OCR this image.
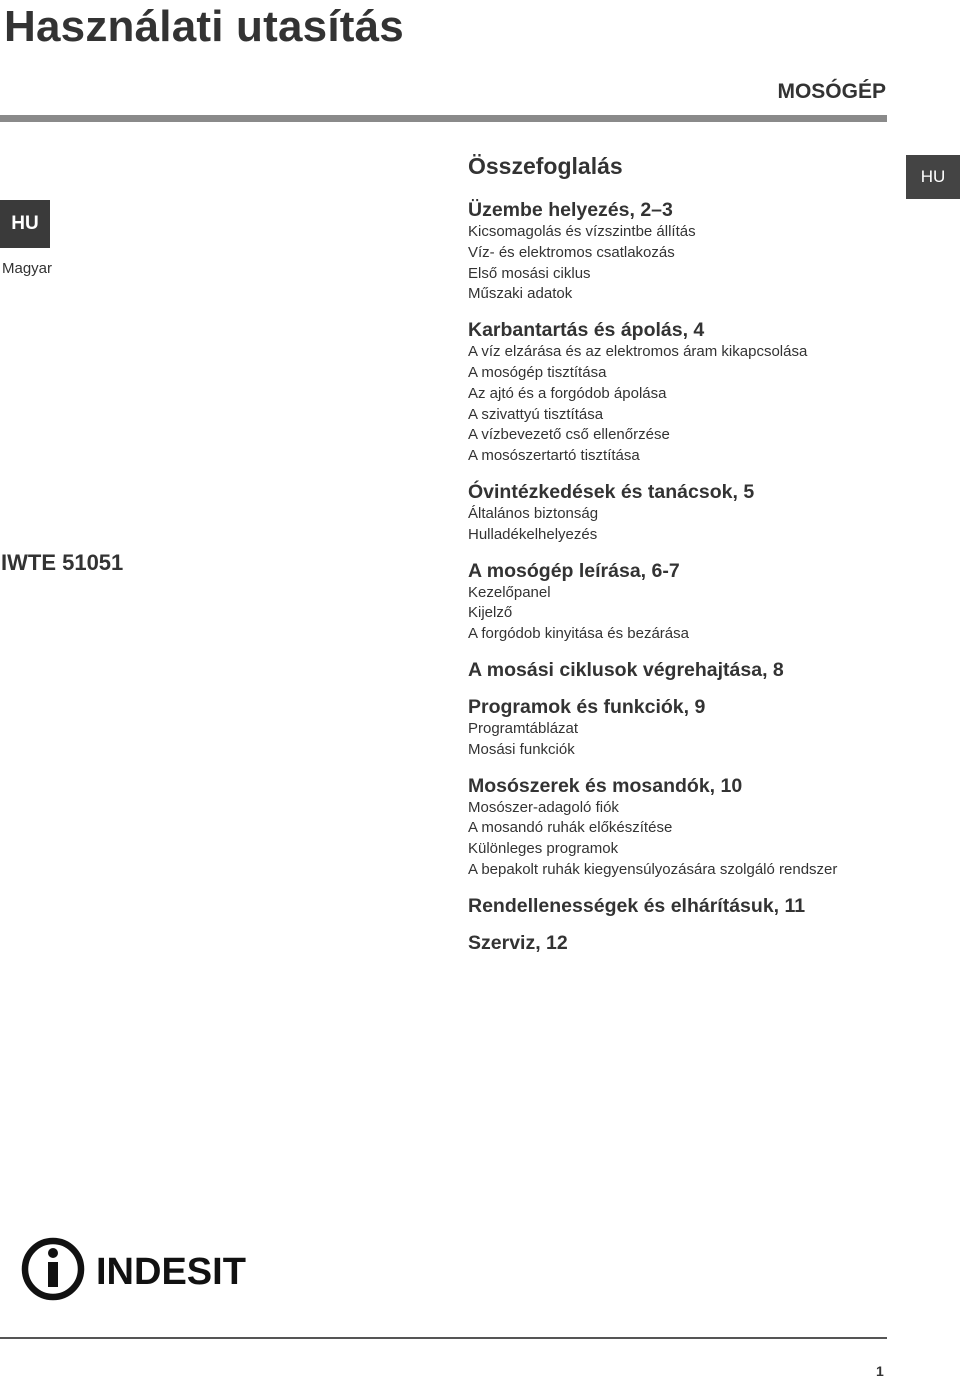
Használati utasítás
MOSÓGÉP
HU
HU
Magyar
IWTE 51051
Összefoglalás
Üzembe helyezés, 2–3
Kicsomagolás és vízszintbe állítás
Víz- és elektromos csatlakozás
Első mosási ciklus
Műszaki adatok
Karbantartás és ápolás, 4
A víz elzárása és az elektromos áram kikapcsolása
A mosógép tisztítása
Az ajtó és a forgódob ápolása
A szivattyú tisztítása
A vízbevezető cső ellenőrzése
A mosószertartó tisztítása
Óvintézkedések és tanácsok, 5
Általános biztonság
Hulladékelhelyezés
A mosógép leírása, 6-7
Kezelőpanel
Kijelző
A forgódob kinyitása és bezárása
A mosási ciklusok végrehajtása, 8
Programok és funkciók, 9
Programtáblázat
Mosási funkciók
Mosószerek és mosandók, 10
Mosószer-adagoló fiók
A mosandó ruhák előkészítése
Különleges programok
A bepakolt ruhák kiegyensúlyozására szolgáló rendszer
Rendellenességek és elhárításuk, 11
Szerviz, 12
INDESIT
1
